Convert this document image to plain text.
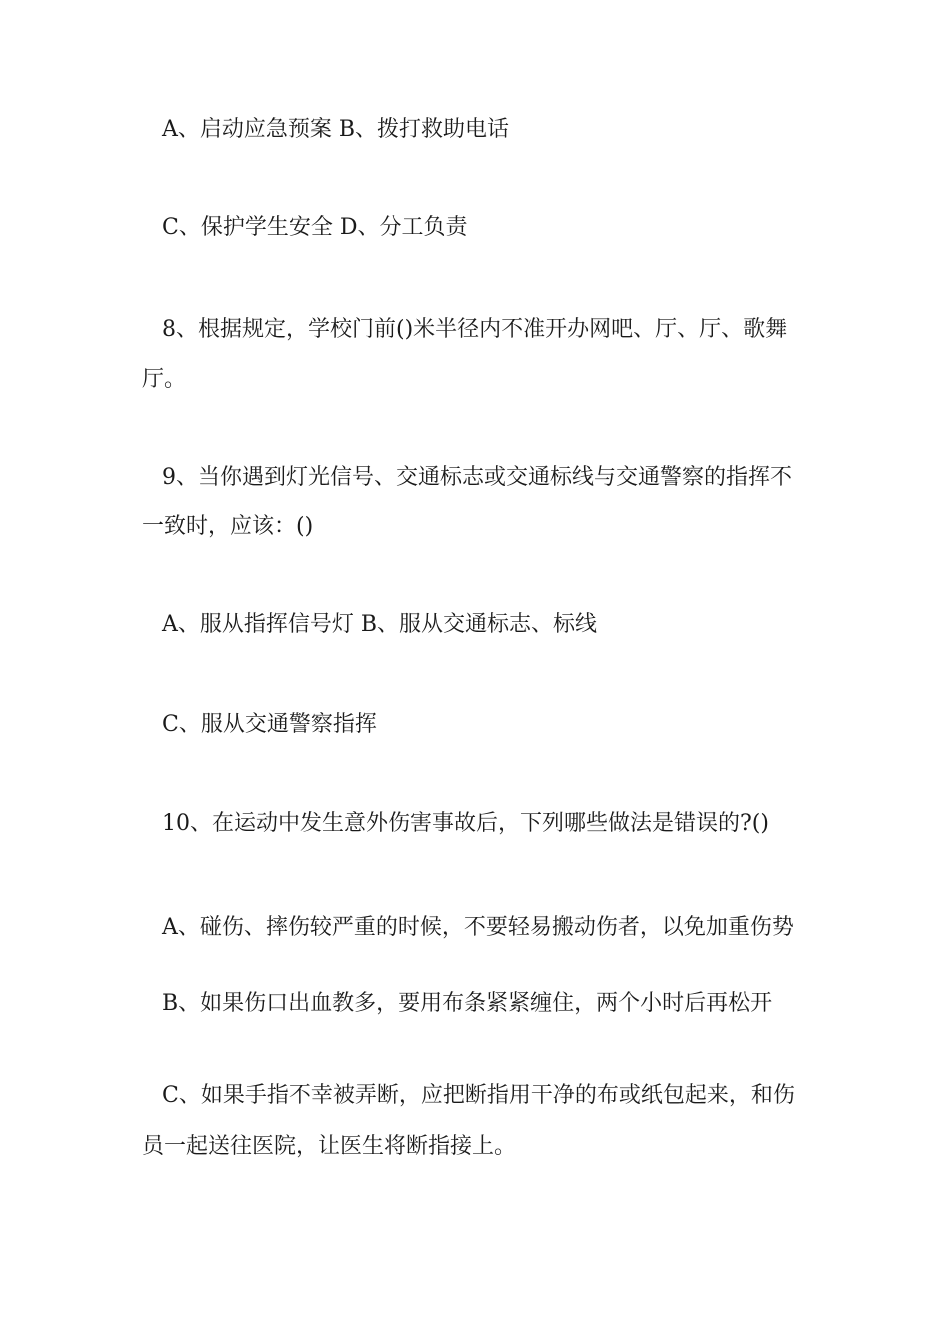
A、启动应急预案 B、拨打救助电话
C、保护学生安全 D、分工负责
8、根据规定，学校门前()米半径内不准开办网吧、厅、厅、歌舞
厅。
9、当你遇到灯光信号、交通标志或交通标线与交通警察的指挥不
一致时，应该：()
A、服从指挥信号灯 B、服从交通标志、标线
C、服从交通警察指挥
10、在运动中发生意外伤害事故后，下列哪些做法是错误的?()
A、碰伤、摔伤较严重的时候，不要轻易搬动伤者，以免加重伤势
B、如果伤口出血教多，要用布条紧紧缠住，两个小时后再松开
C、如果手指不幸被弄断，应把断指用干净的布或纸包起来，和伤
员一起送往医院，让医生将断指接上。
